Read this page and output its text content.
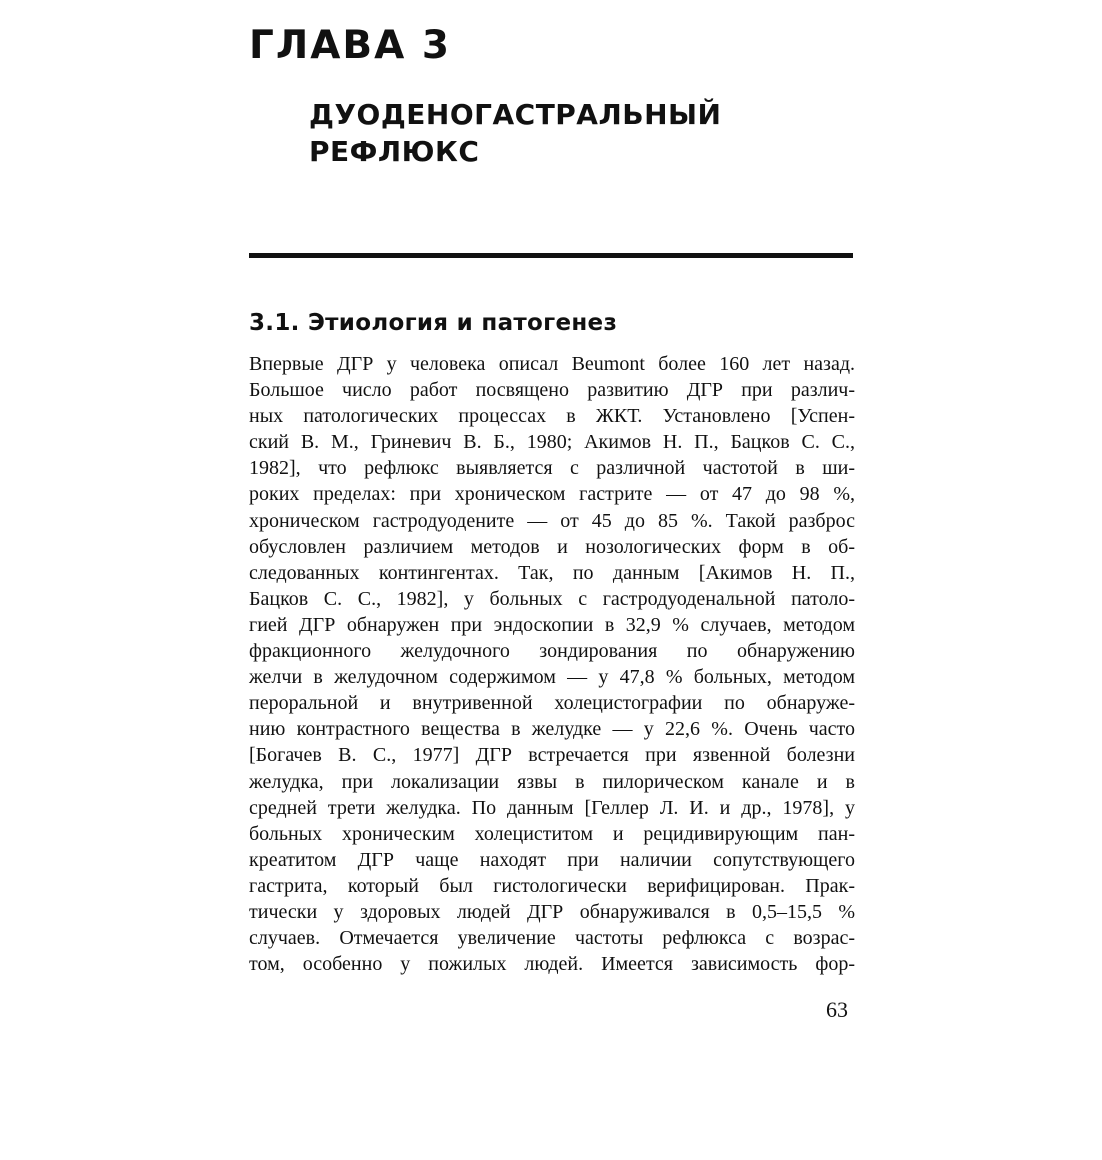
ГЛАВА 3
ДУОДЕНОГАСТРАЛЬНЫЙ
РЕФЛЮКС
3.1. Этиология и патогенез
Впервые ДГР у человека описал Beumont более 160 лет назад.
Большое число работ посвящено развитию ДГР при различ-
ных патологических процессах в ЖКТ. Установлено [Успен-
ский В. М., Гриневич В. Б., 1980; Акимов Н. П., Бацков С. С.,
1982], что рефлюкс выявляется с различной частотой в ши-
роких пределах: при хроническом гастрите — от 47 до 98 %,
хроническом гастродуодените — от 45 до 85 %. Такой разброс
обусловлен различием методов и нозологических форм в об-
следованных контингентах. Так, по данным [Акимов Н. П.,
Бацков С. С., 1982], у больных с гастродуоденальной патоло-
гией ДГР обнаружен при эндоскопии в 32,9 % случаев, методом
фракционного желудочного зондирования по обнаружению
желчи в желудочном содержимом — у 47,8 % больных, методом
пероральной и внутривенной холецистографии по обнаруже-
нию контрастного вещества в желудке — у 22,6 %. Очень часто
[Богачев В. С., 1977] ДГР встречается при язвенной болезни
желудка, при локализации язвы в пилорическом канале и в
средней трети желудка. По данным [Геллер Л. И. и др., 1978], у
больных хроническим холециститом и рецидивирующим пан-
креатитом ДГР чаще находят при наличии сопутствующего
гастрита, который был гистологически верифицирован. Прак-
тически у здоровых людей ДГР обнаруживался в 0,5–15,5 %
случаев. Отмечается увеличение частоты рефлюкса с возрас-
том, особенно у пожилых людей. Имеется зависимость фор-
63
